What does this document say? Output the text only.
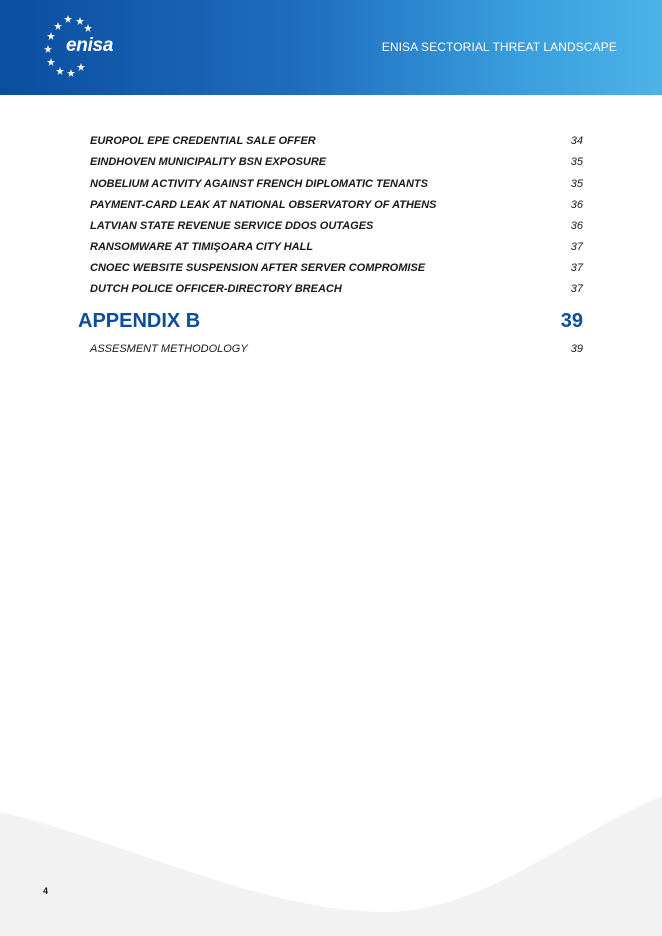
enisa	ENISA SECTORIAL THREAT LANDSCAPE
EUROPOL EPE CREDENTIAL SALE OFFER	34
EINDHOVEN MUNICIPALITY BSN EXPOSURE	35
NOBELIUM ACTIVITY AGAINST FRENCH DIPLOMATIC TENANTS	35
PAYMENT-CARD LEAK AT NATIONAL OBSERVATORY OF ATHENS	36
LATVIAN STATE REVENUE SERVICE DDOS OUTAGES	36
RANSOMWARE AT TIMIŞOARA CITY HALL	37
CNOEC WEBSITE SUSPENSION AFTER SERVER COMPROMISE	37
DUTCH POLICE OFFICER-DIRECTORY BREACH	37
APPENDIX B	39
ASSESMENT METHODOLOGY	39
4
